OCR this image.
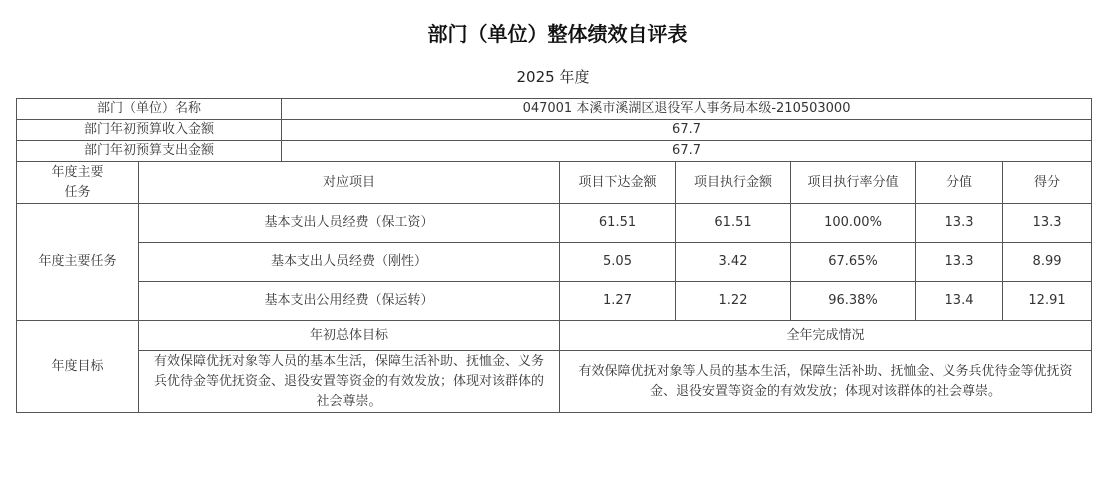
部门（单位）整体绩效自评表
2025 年度
部门（单位）名称		047001 本溪市溪湖区退役军人事务局本级-210503000					
部门年初预算收入金额		67.7					
部门年初预算支出金额		67.7					

年度主要
任务	对应项目		项目下达金额	项目执行金额	项目执行率分值	分值	得分
年度主要任务	基本支出人员经费（保工资）		61.51	61.51	100.00%	13.3	13.3
	基本支出人员经费（刚性）		5.05	3.42	67.65%	13.3	8.99
	基本支出公用经费（保运转）		1.27	1.22	96.38%	13.4	12.91
年度目标	年初总体目标		全年完成情况				
	有效保障优抚对象等人员的基本生活，保障生活补助、抚恤金、义务兵优待金等优抚资金、退役安置等资金的有效发放；体现对该群体的社会尊崇。		有效保障优抚对象等人员的基本生活，保障生活补助、抚恤金、义务兵优待金等优抚资金、退役安置等资金的有效发放；体现对该群体的社会尊崇。				
